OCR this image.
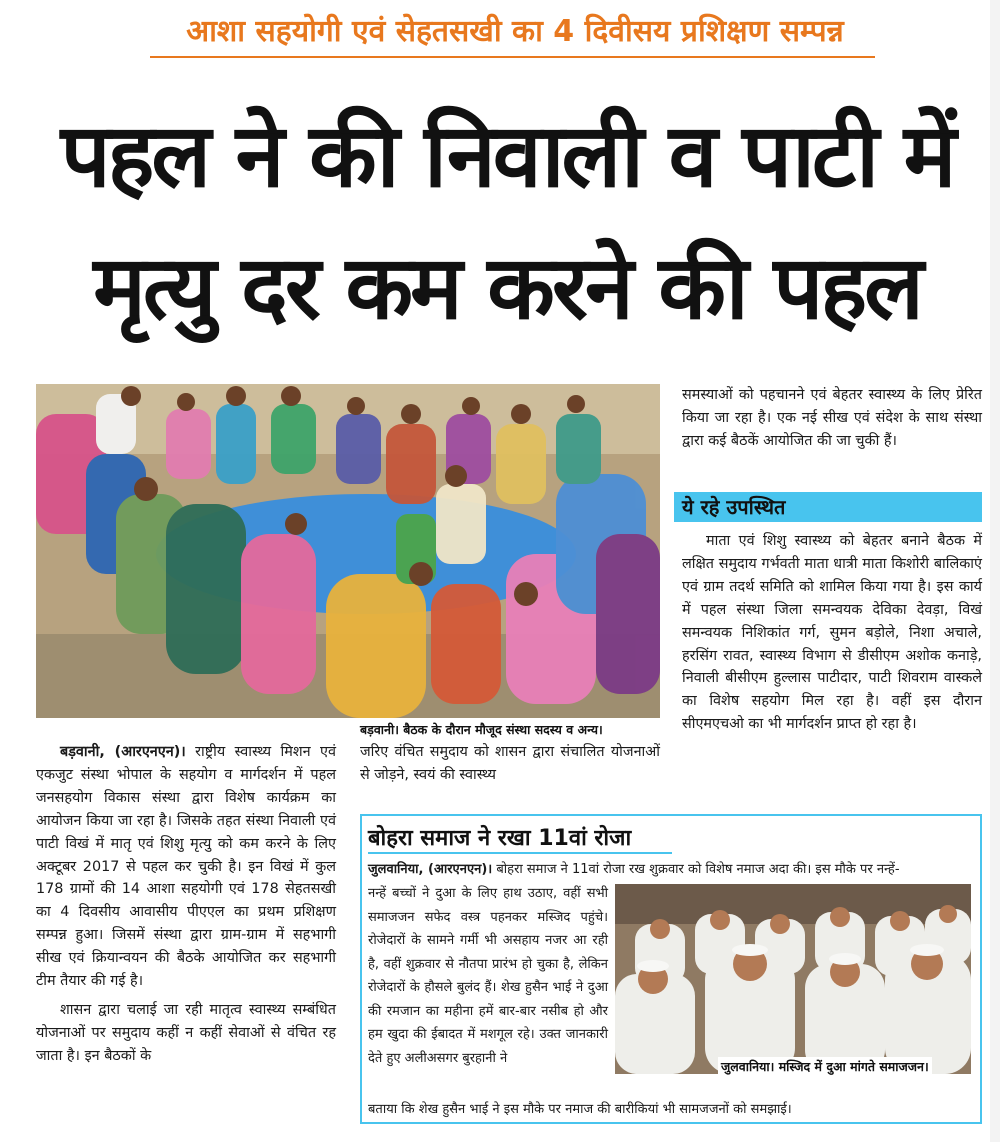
आशा सहयोगी एवं सेहतसखी का 4 दिवीसय प्रशिक्षण सम्पन्न
पहल ने की निवाली व पाटी में
मृत्यु दर कम करने की पहल
बड़वानी। बैठक के दौरान मौजूद संस्था सदस्य व अन्य।

बड़वानी, (आरएनएन)। राष्ट्रीय स्वास्थ्य मिशन एवं एकजुट संस्था भोपाल के सहयोग व मार्गदर्शन में पहल जनसहयोग विकास संस्था द्वारा विशेष कार्यक्रम का आयोजन किया जा रहा है। जिसके तहत संस्था निवाली एवं पाटी विखं में मातृ एवं शिशु मृत्यु को कम करने के लिए अक्टूबर 2017 से पहल कर चुकी है। इन विखं में कुल 178 ग्रामों की 14 आशा सहयोगी एवं 178 सेहतसखी का 4 दिवसीय आवासीय पीएएल का प्रथम प्रशिक्षण सम्पन्न हुआ। जिसमें संस्था द्वारा ग्राम-ग्राम में सहभागी सीख एवं क्रियान्वयन की बैठके आयोजित कर सहभागी टीम तैयार की गई है।

शासन द्वारा चलाई जा रही मातृत्व स्वास्थ्य सम्बंधित योजनाओं पर समुदाय कहीं न कहीं सेवाओं से वंचित रह जाता है। इन बैठकों के

जरिए वंचित समुदाय को शासन द्वारा संचालित योजनाओं से जोड़ने, स्वयं की स्वास्थ्य

समस्याओं को पहचानने एवं बेहतर स्वास्थ्य के लिए प्रेरित किया जा रहा है। एक नई सीख एवं संदेश के साथ संस्था द्वारा कई बैठकें आयोजित की जा चुकी हैं।

ये रहे उपस्थित

माता एवं शिशु स्वास्थ्य को बेहतर बनाने बैठक में लक्षित समुदाय गर्भवती माता धात्री माता किशोरी बालिकाएं एवं ग्राम तदर्थ समिति को शामिल किया गया है। इस कार्य में पहल संस्था जिला समन्वयक देविका देवड़ा, विखं समन्वयक निशिकांत गर्ग, सुमन बड़ोले, निशा अचाले, हरसिंग रावत, स्वास्थ्य विभाग से डीसीएम अशोक कनाड़े, निवाली बीसीएम हुल्लास पाटीदार, पाटी शिवराम वास्कले का विशेष सहयोग मिल रहा है। वहीं इस दौरान सीएमएचओ का भी मार्गदर्शन प्राप्त हो रहा है।

बोहरा समाज ने रखा 11वां रोजा
जुलवानिया, (आरएनएन)। बोहरा समाज ने 11वां रोजा रख शुक्रवार को विशेष नमाज अदा की। इस मौके पर नन्हें-

नन्हें बच्चों ने दुआ के लिए हाथ उठाए, वहीं सभी समाजजन सफेद वस्त्र पहनकर मस्जिद पहुंचे। रोजेदारों के सामने गर्मी भी असहाय नजर आ रही है, वहीं शुक्रवार से नौतपा प्रारंभ हो चुका है, लेकिन रोजेदारों के हौसले बुलंद हैं। शेख हुसैन भाई ने दुआ की रमजान का महीना हमें बार-बार नसीब हो और हम खुदा की ईबादत में मशगूल रहे। उक्त जानकारी देते हुए अलीअसगर बुरहानी ने

बताया कि शेख हुसैन भाई ने इस मौके पर नमाज की बारीकियां भी सामजजनों को समझाई।

जुलवानिया। मस्जिद में दुआ मांगते समाजजन।
